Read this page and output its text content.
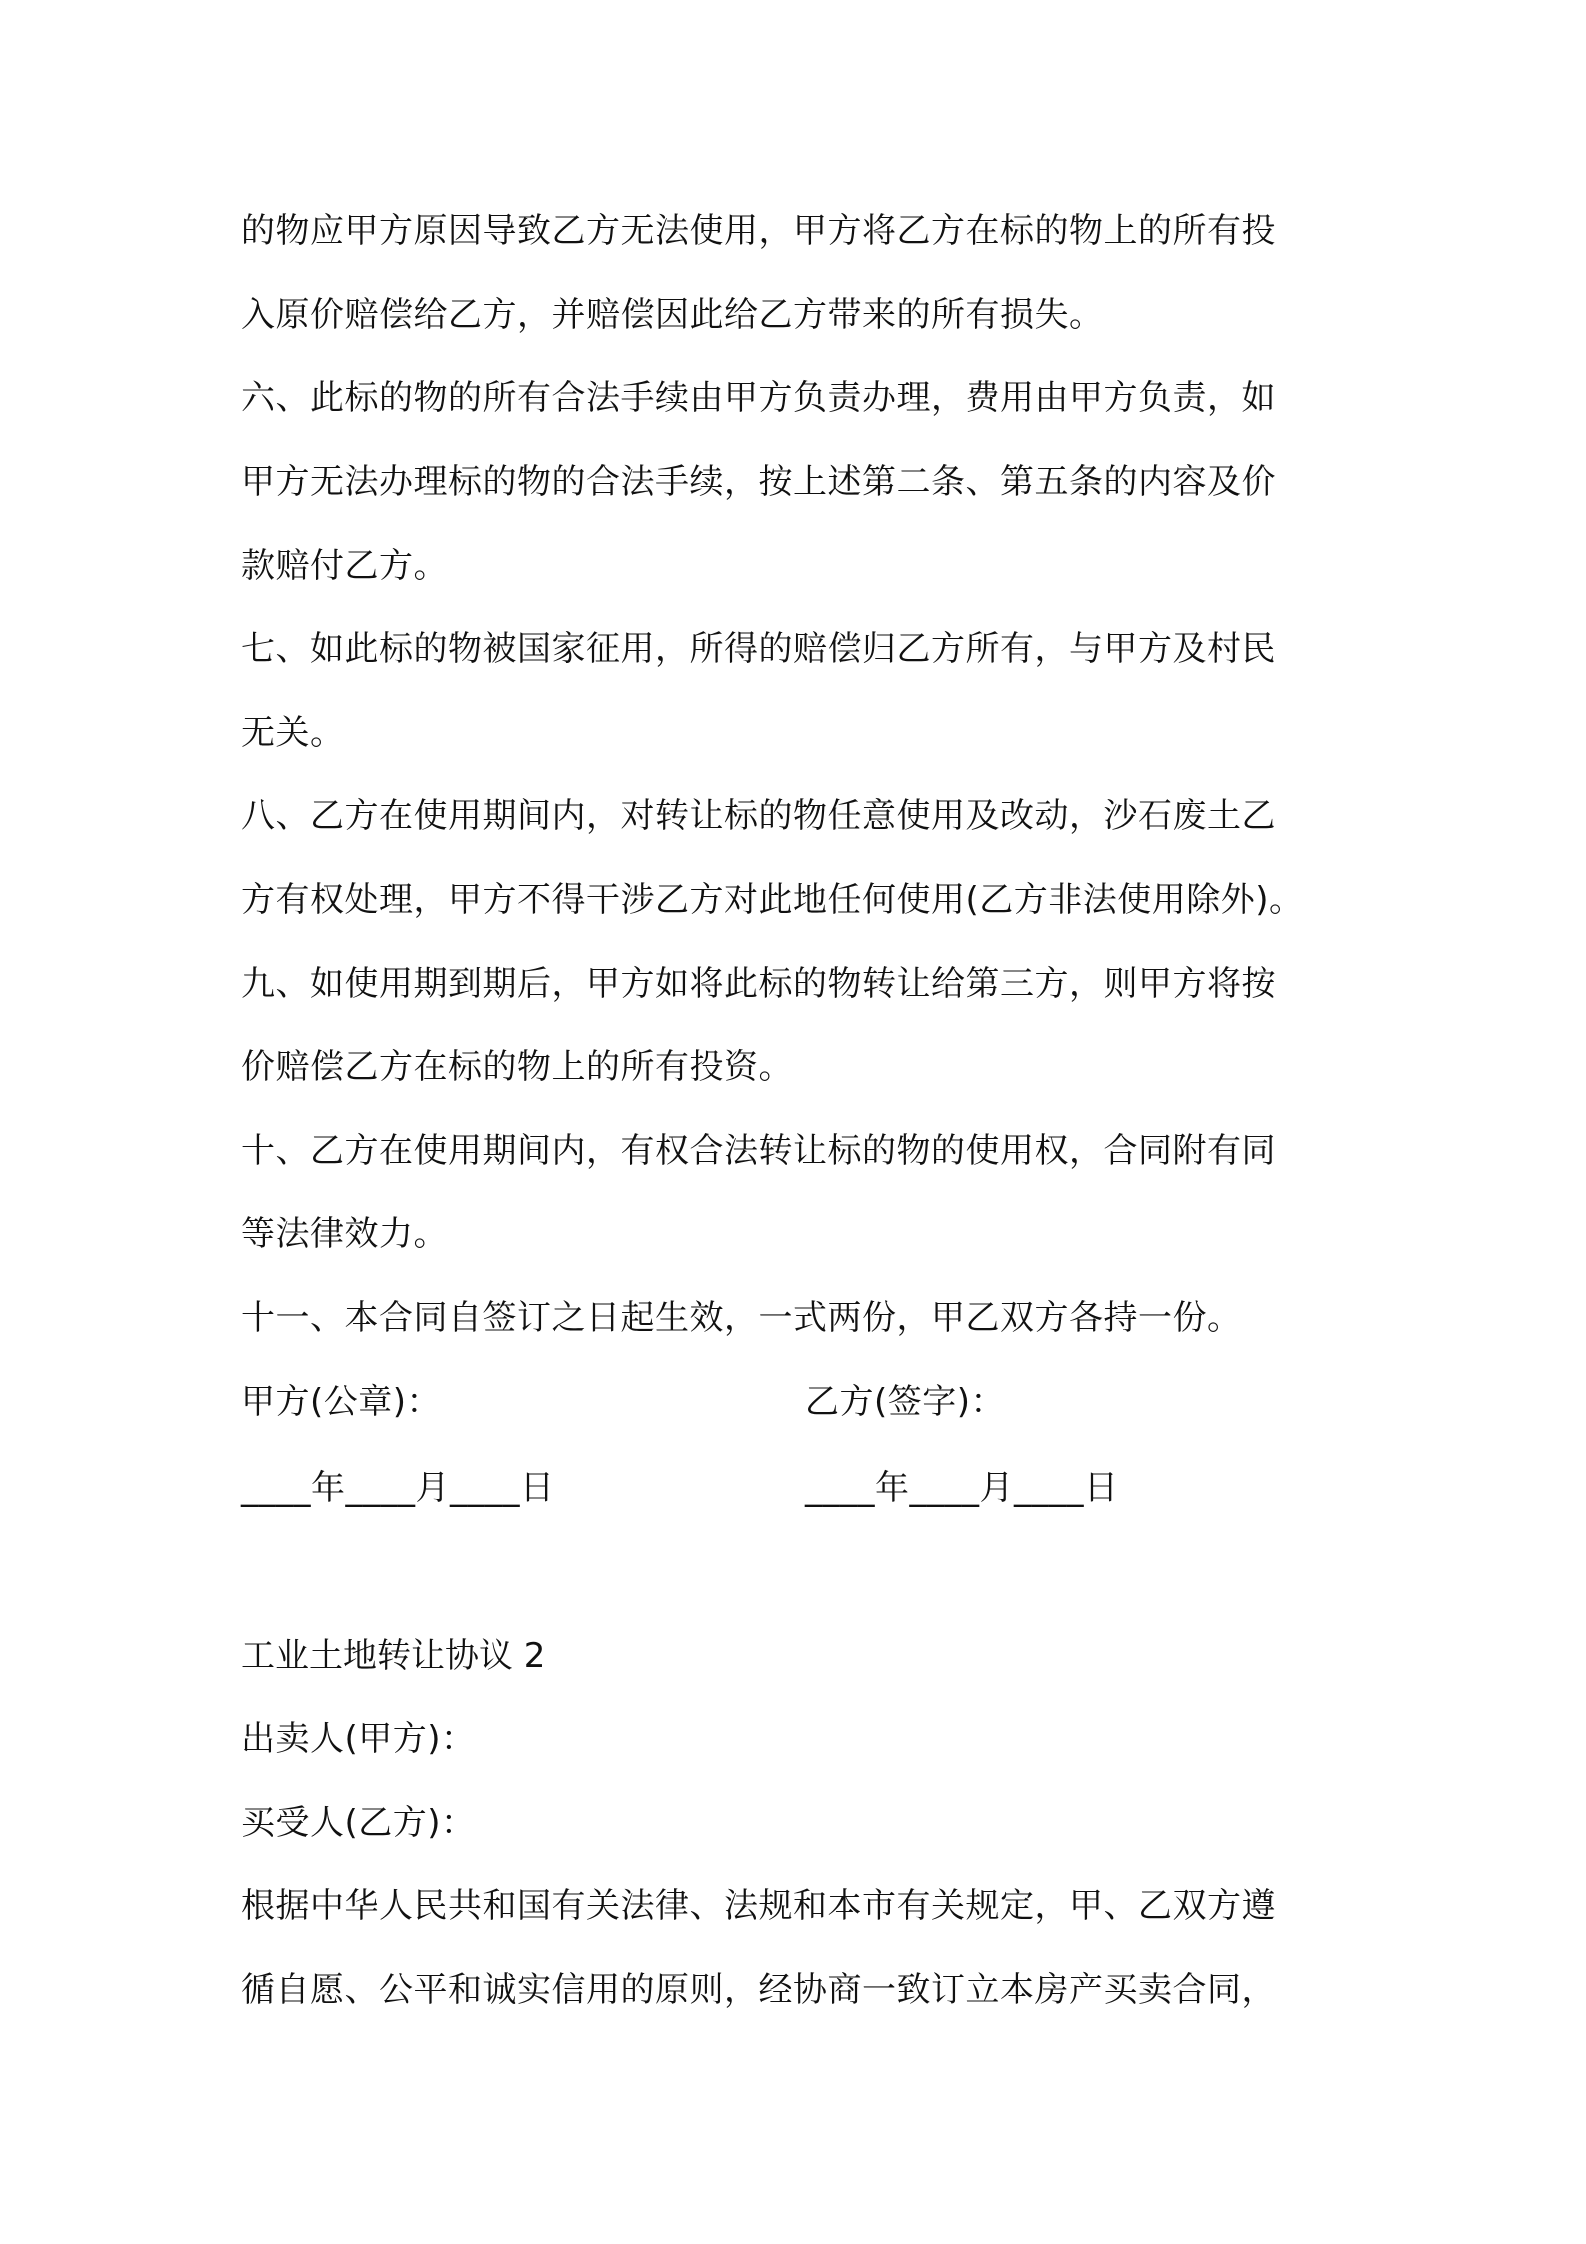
的物应甲方原因导致乙方无法使用，甲方将乙方在标的物上的所有投
入原价赔偿给乙方，并赔偿因此给乙方带来的所有损失。
六、此标的物的所有合法手续由甲方负责办理，费用由甲方负责，如
甲方无法办理标的物的合法手续，按上述第二条、第五条的内容及价
款赔付乙方。
七、如此标的物被国家征用，所得的赔偿归乙方所有，与甲方及村民
无关。
八、乙方在使用期间内，对转让标的物任意使用及改动，沙石废土乙
方有权处理，甲方不得干涉乙方对此地任何使用(乙方非法使用除外)。
九、如使用期到期后，甲方如将此标的物转让给第三方，则甲方将按
价赔偿乙方在标的物上的所有投资。
十、乙方在使用期间内，有权合法转让标的物的使用权，合同附有同
等法律效力。
十一、本合同自签订之日起生效，一式两份，甲乙双方各持一份。
甲方(公章)：	乙方(签字)：
____年____月____日	____年____月____日
工业土地转让协议 2
出卖人(甲方)：
买受人(乙方)：
根据中华人民共和国有关法律、法规和本市有关规定，甲、乙双方遵
循自愿、公平和诚实信用的原则，经协商一致订立本房产买卖合同，
